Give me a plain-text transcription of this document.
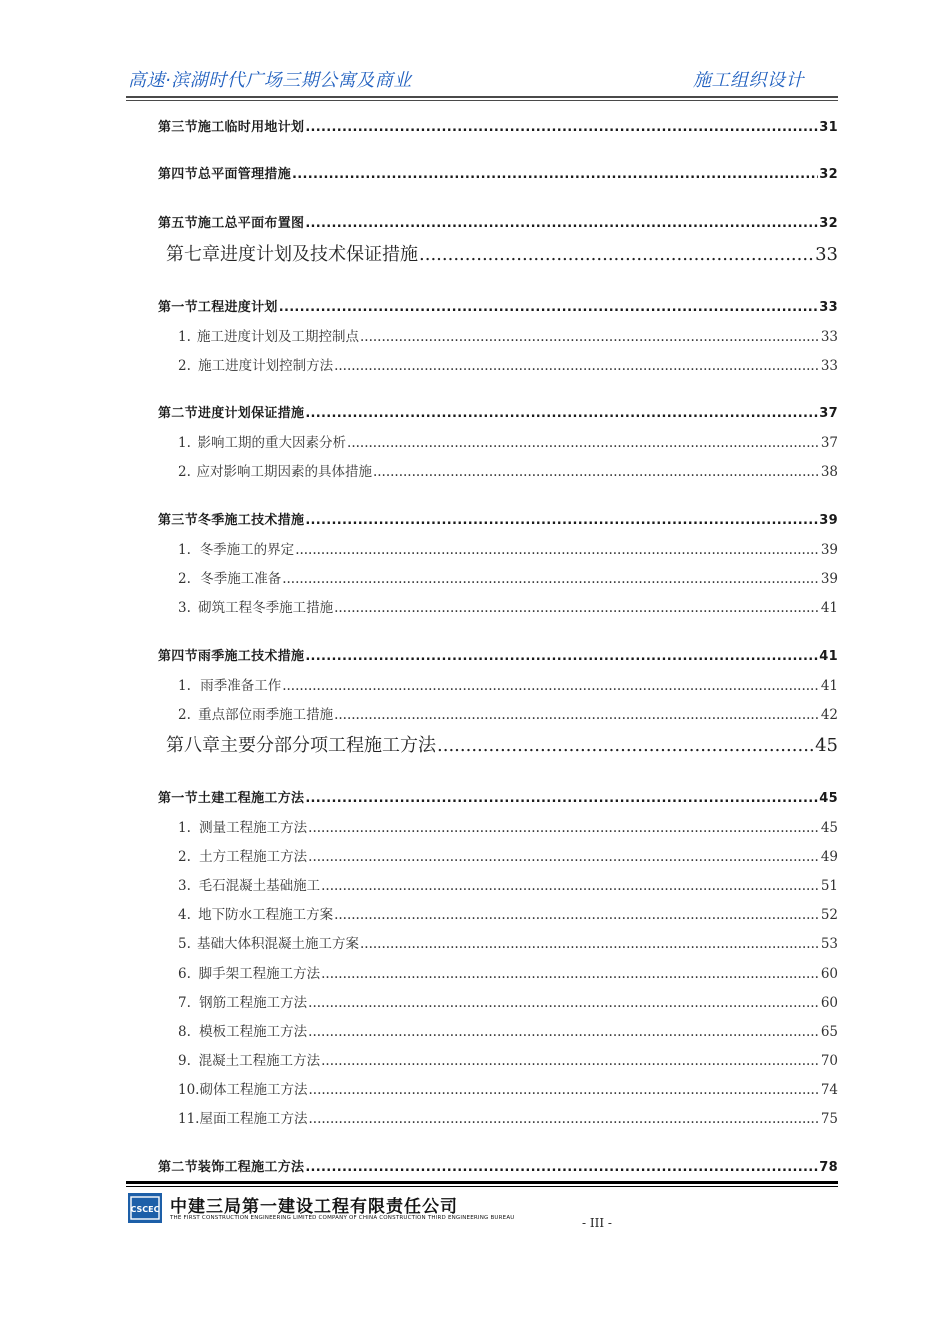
高速·滨湖时代广场三期公寓及商业	施工组织设计
第三节 施工临时用地计划 .....	31
第四节 总平面管理措施 .....	32
第五节 施工总平面布置图 .....	32
第七章 进度计划及技术保证措施 .....	33
第一节 工程进度计划 .....	33
1. 施工进度计划及工期控制点 .....	33
2. 施工进度计划控制方法 .....	33
第二节 进度计划保证措施 .....	37
1. 影响工期的重大因素分析 .....	37
2. 应对影响工期因素的具体措施 .....	38
第三节 冬季施工技术措施 .....	39
1. 冬季施工的界定 .....	39
2. 冬季施工准备 .....	39
3. 砌筑工程冬季施工措施 .....	41
第四节 雨季施工技术措施 .....	41
1. 雨季准备工作 .....	41
2. 重点部位雨季施工措施 .....	42
第八章 主要分部分项工程施工方法 .....	45
第一节 土建工程施工方法 .....	45
1. 测量工程施工方法 .....	45
2. 土方工程施工方法 .....	49
3. 毛石混凝土基础施工 .....	51
4. 地下防水工程施工方案 .....	52
5. 基础大体积混凝土施工方案 .....	53
6. 脚手架工程施工方法 .....	60
7. 钢筋工程施工方法 .....	60
8. 模板工程施工方法 .....	65
9. 混凝土工程施工方法 .....	70
10. 砌体工程施工方法 .....	74
11. 屋面工程施工方法 .....	75
第二节 装饰工程施工方法 .....	78
CSCEC 中建三局第一建设工程有限责任公司
THE FIRST CONSTRUCTION ENGINEERING LIMITED COMPANY OF CHINA CONSTRUCTION THIRD ENGINEERING BUREAU	- III -
